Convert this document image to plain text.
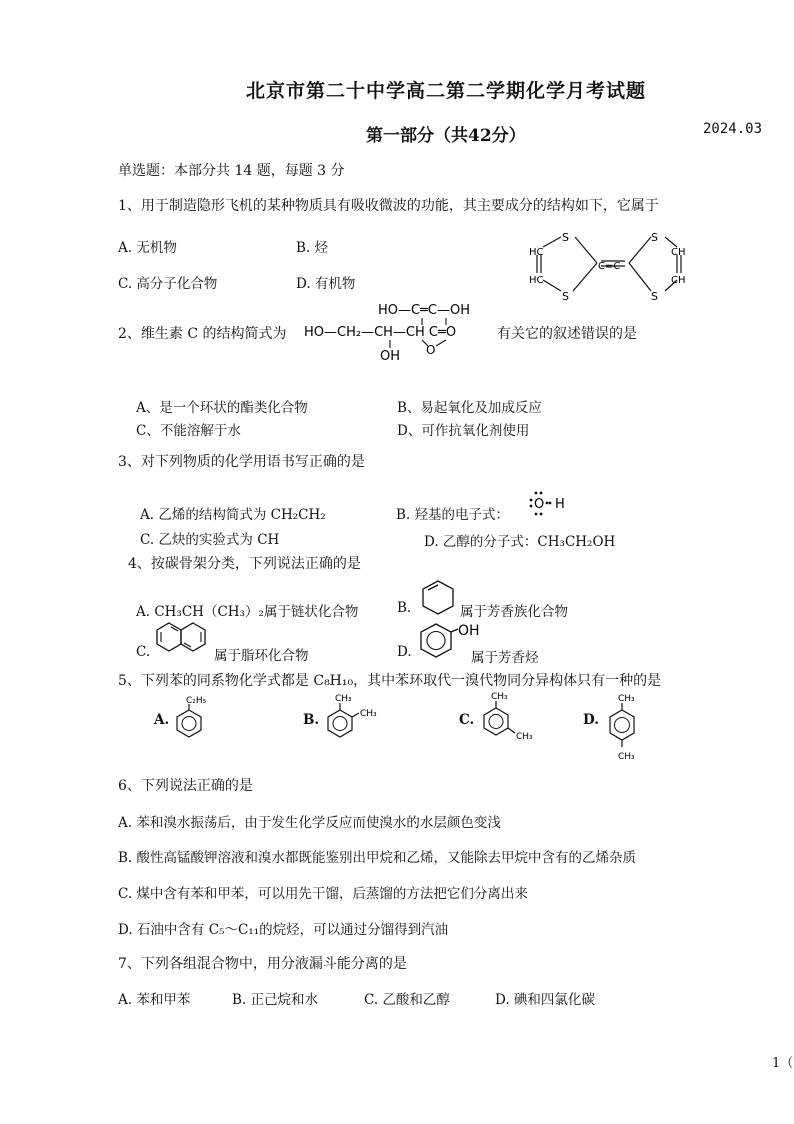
北京市第二十中学高二第二学期化学月考试题
第一部分（共42分）	2024.03
单选题：本部分共 14 题，每题 3 分
1、用于制造隐形飞机的某种物质具有吸收微波的功能，其主要成分的结构如下，它属于
A. 无机物	B. 烃
C. 高分子化合物	D. 有机物
S
S
S
S
HC
HC
CH
CH
C=C
2、维生素 C 的结构简式为
HO—C═C—OH
HO—CH₂—CH—CH C═O
OH O
有关它的叙述错误的是
A、是一个环状的酯类化合物	B、易起氧化及加成反应
C、不能溶解于水	D、可作抗氧化剂使用
3、对下列物质的化学用语书写正确的是
A. 乙烯的结构简式为 CH₂CH₂	B. 羟基的电子式：
O H
C. 乙炔的实验式为 CH	D. 乙醇的分子式：CH₃CH₂OH
4、按碳骨架分类，下列说法正确的是
A. CH₃CH（CH₃）₂属于链状化合物	B.	属于芳香族化合物
C.	属于脂环化合物	D.
OH
属于芳香烃
5、下列苯的同系物化学式都是 C₈H₁₀，其中苯环取代一溴代物同分异构体只有一种的是
A.
C₂H₅
B.
CH₃
CH₃	C.
CH₃
CH₃
D.
CH₃
CH₃
6、下列说法正确的是
A. 苯和溴水振荡后，由于发生化学反应而使溴水的水层颜色变浅
B. 酸性高锰酸钾溶液和溴水都既能鉴别出甲烷和乙烯，又能除去甲烷中含有的乙烯杂质
C. 煤中含有苯和甲苯，可以用先干馏，后蒸馏的方法把它们分离出来
D. 石油中含有 C₅～C₁₁的烷烃，可以通过分馏得到汽油
7、下列各组混合物中，用分液漏斗能分离的是
A. 苯和甲苯	B. 正己烷和水	C. 乙酸和乙醇	D. 碘和四氯化碳
1（
